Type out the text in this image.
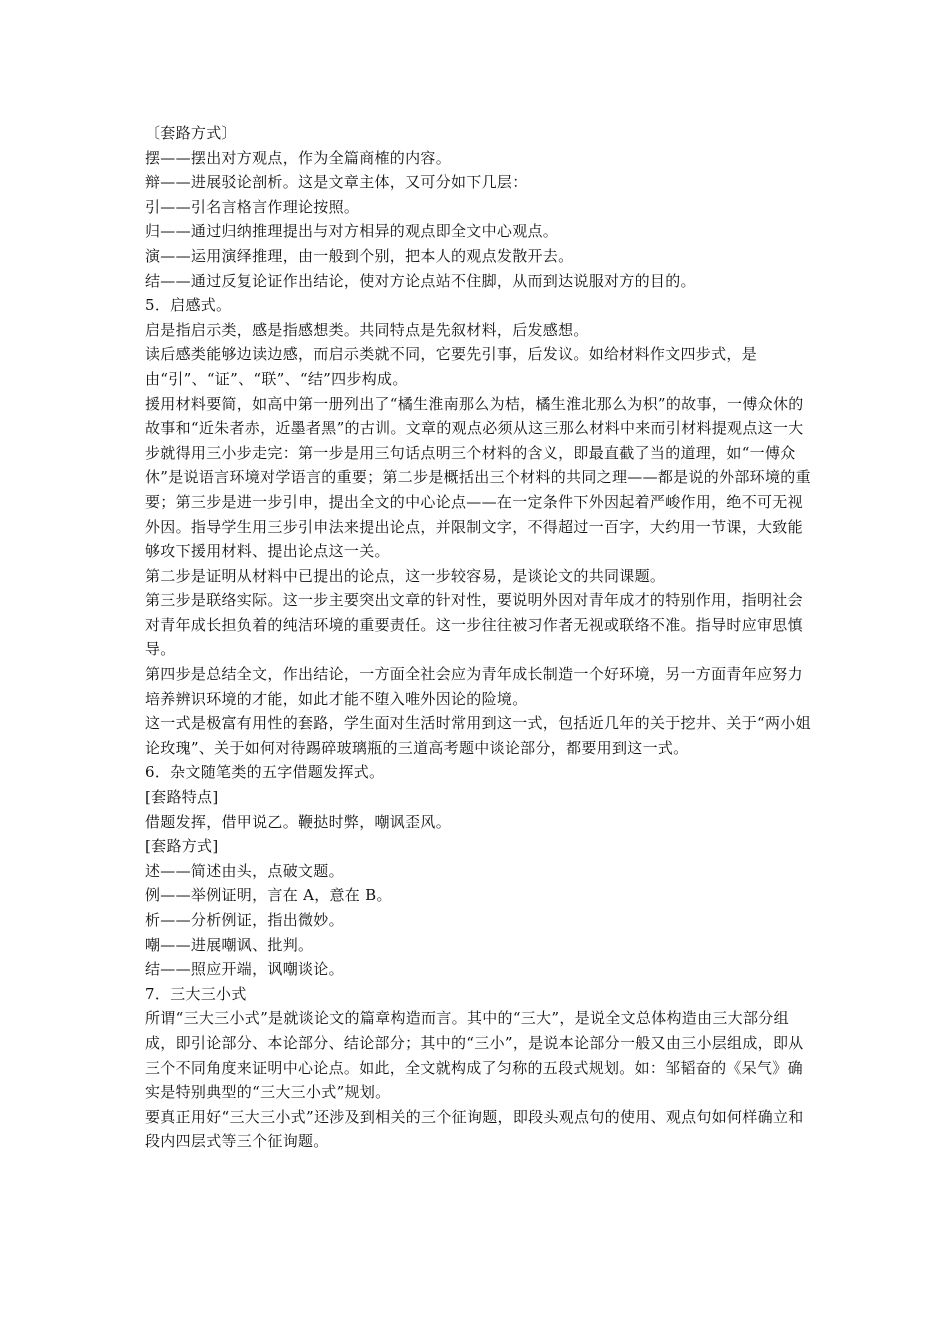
〔套路方式〕

摆——摆出对方观点，作为全篇商榷的内容。

辩——进展驳论剖析。这是文章主体，又可分如下几层：

引——引名言格言作理论按照。

归——通过归纳推理提出与对方相异的观点即全文中心观点。

演——运用演绎推理，由一般到个别，把本人的观点发散开去。

结——通过反复论证作出结论，使对方论点站不住脚，从而到达说服对方的目的。

5．启感式。

启是指启示类，感是指感想类。共同特点是先叙材料，后发感想。

读后感类能够边读边感，而启示类就不同，它要先引事，后发议。如给材料作文四步式，是由“引”、“证”、“联”、“结”四步构成。

援用材料要简，如高中第一册列出了“橘生淮南那么为桔，橘生淮北那么为枳”的故事，一傅众休的故事和“近朱者赤，近墨者黑”的古训。文章的观点必须从这三那么材料中来而引材料提观点这一大步就得用三小步走完：第一步是用三句话点明三个材料的含义，即最直截了当的道理，如“一傅众休”是说语言环境对学语言的重要；第二步是概括出三个材料的共同之理——都是说的外部环境的重要；第三步是进一步引申，提出全文的中心论点——在一定条件下外因起着严峻作用，绝不可无视外因。指导学生用三步引申法来提出论点，并限制文字，不得超过一百字，大约用一节课，大致能够攻下援用材料、提出论点这一关。

第二步是证明从材料中已提出的论点，这一步较容易，是谈论文的共同课题。

第三步是联络实际。这一步主要突出文章的针对性，要说明外因对青年成才的特别作用，指明社会对青年成长担负着的纯洁环境的重要责任。这一步往往被习作者无视或联络不准。指导时应审思慎导。

第四步是总结全文，作出结论，一方面全社会应为青年成长制造一个好环境，另一方面青年应努力培养辨识环境的才能，如此才能不堕入唯外因论的险境。

这一式是极富有用性的套路，学生面对生活时常用到这一式，包括近几年的关于挖井、关于“两小姐论玫瑰”、关于如何对待踢碎玻璃瓶的三道高考题中谈论部分，都要用到这一式。

6．杂文随笔类的五字借题发挥式。

[套路特点]

借题发挥，借甲说乙。鞭挞时弊，嘲讽歪风。

[套路方式]

述——简述由头，点破文题。

例——举例证明，言在 A，意在 B。

析——分析例证，指出微妙。

嘲——进展嘲讽、批判。

结——照应开端，讽嘲谈论。

7．三大三小式

所谓“三大三小式”是就谈论文的篇章构造而言。其中的“三大”，是说全文总体构造由三大部分组成，即引论部分、本论部分、结论部分；其中的“三小”，是说本论部分一般又由三小层组成，即从三个不同角度来证明中心论点。如此，全文就构成了匀称的五段式规划。如：邹韬奋的《呆气》确实是特别典型的“三大三小式”规划。

要真正用好“三大三小式”还涉及到相关的三个征询题，即段头观点句的使用、观点句如何样确立和段内四层式等三个征询题。
